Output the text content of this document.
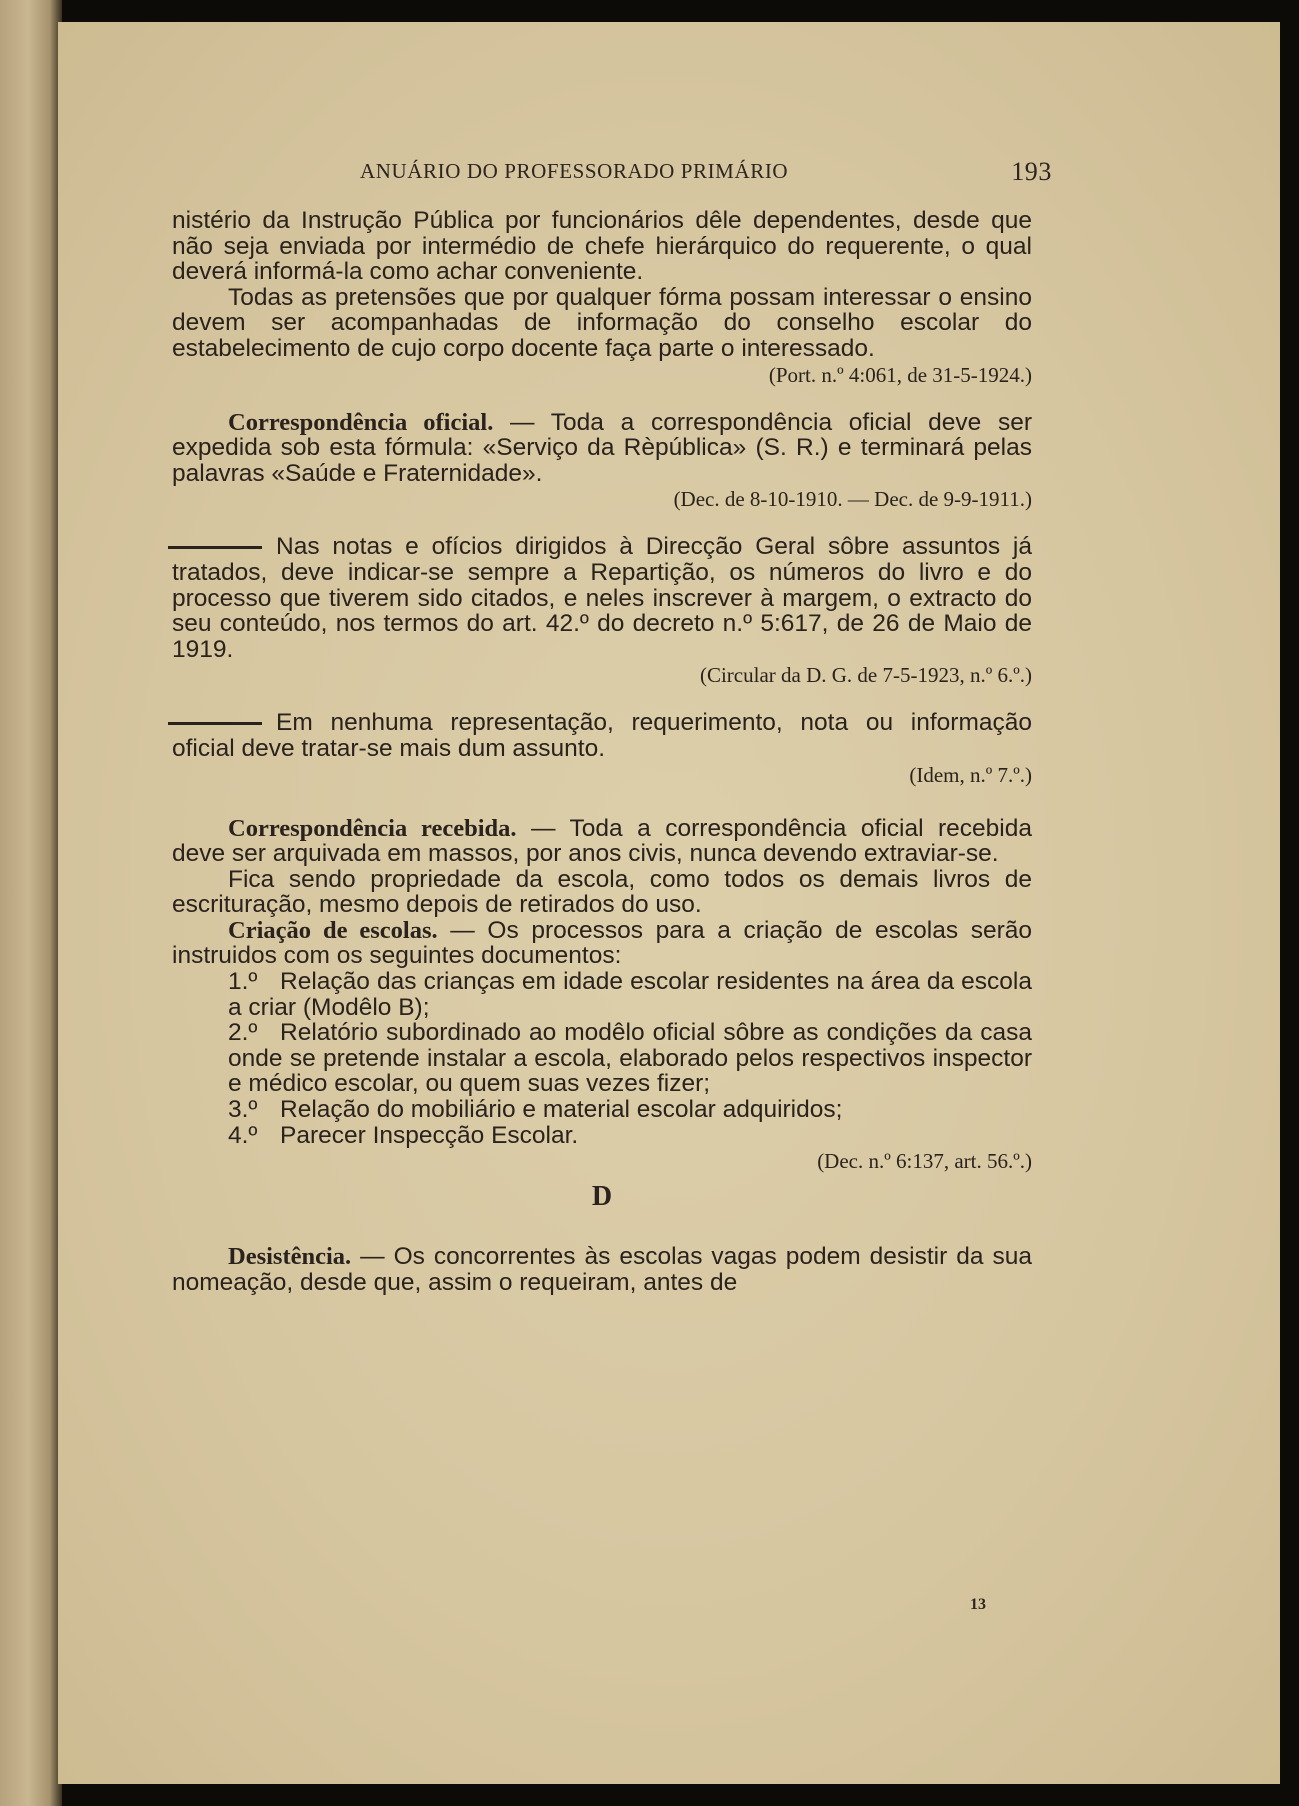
ANUÁRIO DO PROFESSORADO PRIMÁRIO	193

nistério da Instrução Pública por funcionários dêle dependentes, desde que não seja enviada por intermédio de chefe hierárquico do requerente, o qual deverá informá-la como achar conveniente.

Todas as pretensões que por qualquer fórma possam interessar o ensino devem ser acompanhadas de informação do conselho escolar do estabelecimento de cujo corpo docente faça parte o interessado.

(Port. n.º 4:061, de 31-5-1924.)

Correspondência oficial. — Toda a correspondência oficial deve ser expedida sob esta fórmula: «Serviço da Rèpública» (S. R.) e terminará pelas palavras «Saúde e Fraternidade».

(Dec. de 8-10-1910. — Dec. de 9-9-1911.)

Nas notas e ofícios dirigidos à Direcção Geral sôbre assuntos já tratados, deve indicar-se sempre a Repartição, os números do livro e do processo que tiverem sido citados, e neles inscrever à margem, o extracto do seu conteúdo, nos termos do art. 42.º do decreto n.º 5:617, de 26 de Maio de 1919.

(Circular da D. G. de 7-5-1923, n.º 6.º.)

Em nenhuma representação, requerimento, nota ou informação oficial deve tratar-se mais dum assunto.

(Idem, n.º 7.º.)

Correspondência recebida. — Toda a correspondência oficial recebida deve ser arquivada em massos, por anos civis, nunca devendo extraviar-se.

Fica sendo propriedade da escola, como todos os demais livros de escrituração, mesmo depois de retirados do uso.

Criação de escolas. — Os processos para a criação de escolas serão instruidos com os seguintes documentos:

1.º Relação das crianças em idade escolar residentes na área da escola a criar (Modêlo B);

2.º Relatório subordinado ao modêlo oficial sôbre as condições da casa onde se pretende instalar a escola, elaborado pelos respectivos inspector e médico escolar, ou quem suas vezes fizer;

3.º Relação do mobiliário e material escolar adquiridos;

4.º Parecer Inspecção Escolar.

(Dec. n.º 6:137, art. 56.º.)

D

Desistência. — Os concorrentes às escolas vagas podem desistir da sua nomeação, desde que, assim o requeiram, antes de

13
